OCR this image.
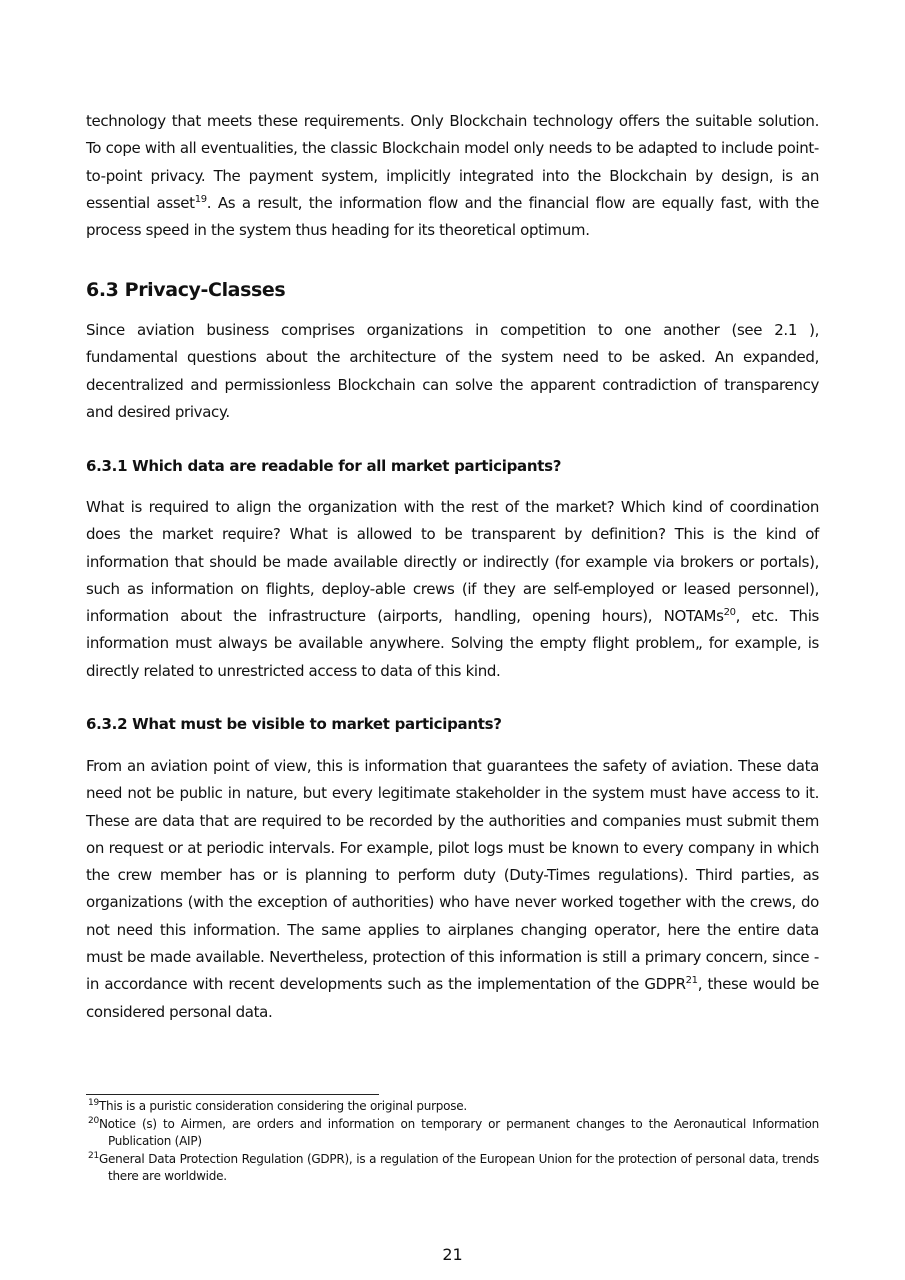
technology that meets these requirements. Only Blockchain technology offers the suitable solution. To cope with all eventualities, the classic Blockchain model only needs to be adapted to include point-to-point privacy. The payment system, implicitly integrated into the Blockchain by design, is an essential asset$^{19}$. As a result, the information flow and the financial flow are equally fast, with the process speed in the system thus heading for its theoretical optimum.

6.3 Privacy-Classes

Since aviation business comprises organizations in competition to one another (see 2.1 ), fundamental questions about the architecture of the system need to be asked. An expanded, decentralized and permissionless Blockchain can solve the apparent contradiction of transparency and desired privacy.

6.3.1 Which data are readable for all market participants?

What is required to align the organization with the rest of the market? Which kind of coordination does the market require? What is allowed to be transparent by definition? This is the kind of information that should be made available directly or indirectly (for example via brokers or portals), such as information on flights, deploy-able crews (if they are self-employed or leased personnel), information about the infrastructure (airports, handling, opening hours), NOTAMs$^{20}$, etc. This information must always be available anywhere. Solving the empty flight problem„ for example, is directly related to unrestricted access to data of this kind.

6.3.2 What must be visible to market participants?

From an aviation point of view, this is information that guarantees the safety of aviation. These data need not be public in nature, but every legitimate stakeholder in the system must have access to it. These are data that are required to be recorded by the authorities and companies must submit them on request or at periodic intervals. For example, pilot logs must be known to every company in which the crew member has or is planning to perform duty (Duty-Times regulations). Third parties, as organizations (with the exception of authorities) who have never worked together with the crews, do not need this information. The same applies to airplanes changing operator, here the entire data must be made available. Nevertheless, protection of this information is still a primary concern, since - in accordance with recent developments such as the implementation of the GDPR$^{21}$, these would be considered personal data.

$^{19}$This is a puristic consideration considering the original purpose.

$^{20}$Notice (s) to Airmen, are orders and information on temporary or permanent changes to the Aeronautical Information Publication (AIP)

$^{21}$General Data Protection Regulation (GDPR), is a regulation of the European Union for the protection of personal data, trends there are worldwide.

21
